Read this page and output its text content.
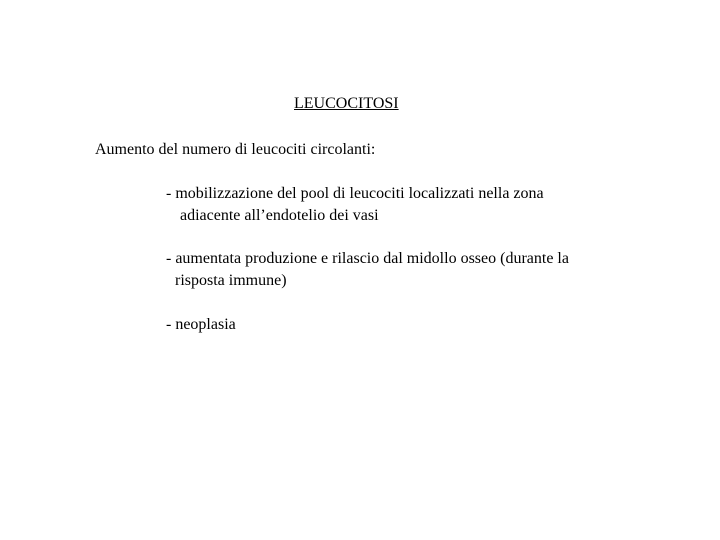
LEUCOCITOSI
Aumento del numero di leucociti circolanti:
- mobilizzazione del pool di leucociti localizzati nella zona
adiacente all’endotelio dei vasi
- aumentata produzione e rilascio dal midollo osseo (durante la
risposta immune)
- neoplasia
